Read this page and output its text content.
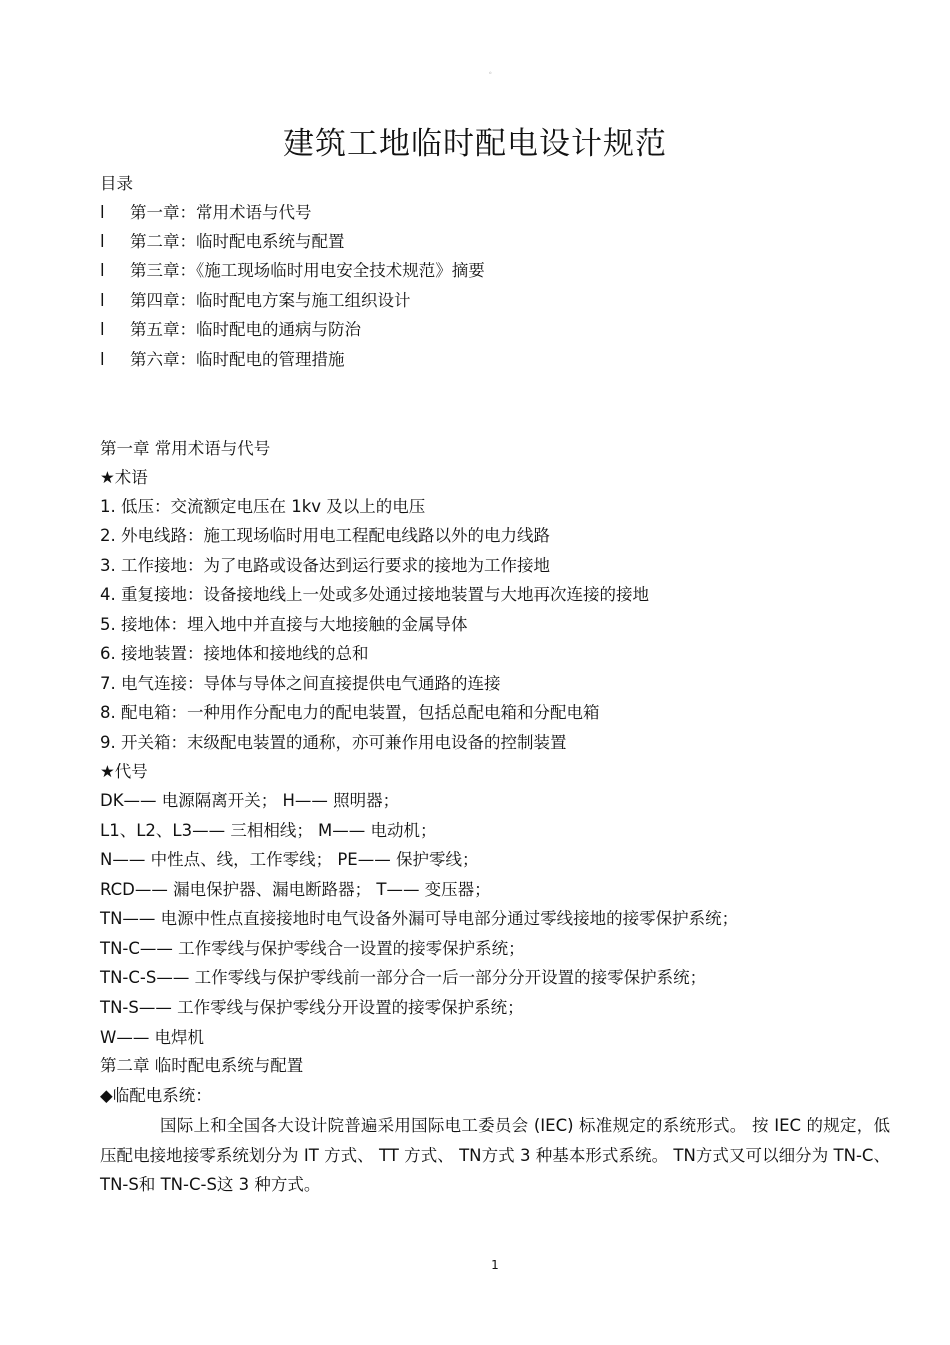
。
建筑工地临时配电设计规范
目录
l 第一章：常用术语与代号
l 第二章：临时配电系统与配置
l 第三章：《施工现场临时用电安全技术规范》摘要
l 第四章：临时配电方案与施工组织设计
l 第五章：临时配电的通病与防治
l 第六章：临时配电的管理措施
第一章 常用术语与代号
★术语
1. 低压：交流额定电压在 1kv 及以上的电压
2. 外电线路：施工现场临时用电工程配电线路以外的电力线路
3. 工作接地：为了电路或设备达到运行要求的接地为工作接地
4. 重复接地：设备接地线上一处或多处通过接地装置与大地再次连接的接地
5. 接地体：埋入地中并直接与大地接触的金属导体
6. 接地装置：接地体和接地线的总和
7. 电气连接：导体与导体之间直接提供电气通路的连接
8. 配电箱：一种用作分配电力的配电装置，包括总配电箱和分配电箱
9. 开关箱：末级配电装置的通称，亦可兼作用电设备的控制装置
★代号
DK—— 电源隔离开关； H—— 照明器；
L1、L2、L3—— 三相相线； M—— 电动机；
N—— 中性点、线，工作零线； PE—— 保护零线；
RCD—— 漏电保护器、漏电断路器； T—— 变压器；
TN—— 电源中性点直接接地时电气设备外漏可导电部分通过零线接地的接零保护系统；
TN-C—— 工作零线与保护零线合一设置的接零保护系统；
TN-C-S—— 工作零线与保护零线前一部分合一后一部分分开设置的接零保护系统；
TN-S—— 工作零线与保护零线分开设置的接零保护系统；
W—— 电焊机
第二章 临时配电系统与配置
◆临配电系统：
国际上和全国各大设计院普遍采用国际电工委员会 (IEC) 标准规定的系统形式。 按 IEC 的规定，低压配电接地接零系统划分为 IT 方式、 TT 方式、 TN方式 3 种基本形式系统。 TN方式又可以细分为 TN-C、TN-S和 TN-C-S这 3 种方式。
1
